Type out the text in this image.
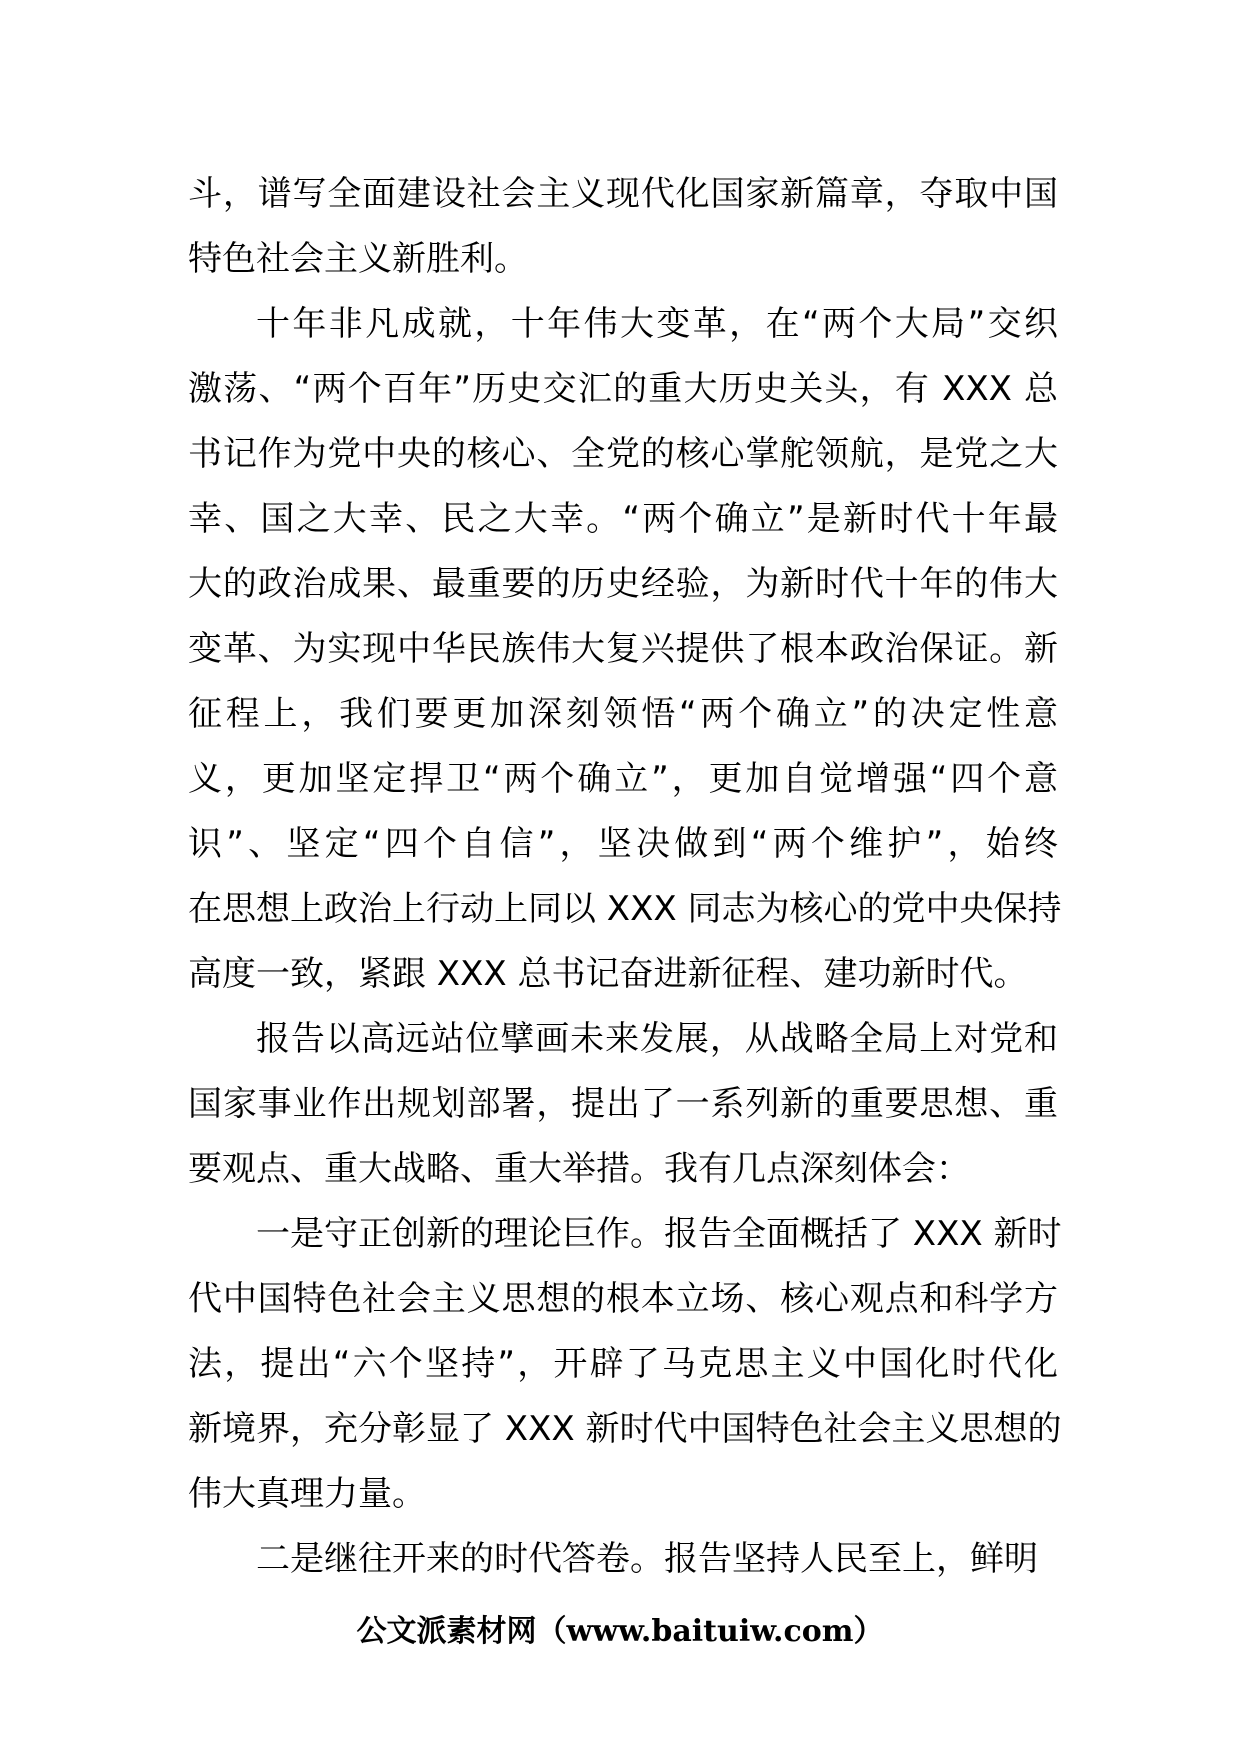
斗，谱写全面建设社会主义现代化国家新篇章，夺取中国
特色社会主义新胜利。
十年非凡成就，十年伟大变革，在“两个大局”交织
激荡、“两个百年”历史交汇的重大历史关头，有 XXX 总
书记作为党中央的核心、全党的核心掌舵领航，是党之大
幸、国之大幸、民之大幸。“两个确立”是新时代十年最
大的政治成果、最重要的历史经验，为新时代十年的伟大
变革、为实现中华民族伟大复兴提供了根本政治保证。新
征程上，我们要更加深刻领悟“两个确立”的决定性意
义，更加坚定捍卫“两个确立”，更加自觉增强“四个意
识”、坚定“四个自信”，坚决做到“两个维护”，始终
在思想上政治上行动上同以 XXX 同志为核心的党中央保持
高度一致，紧跟 XXX 总书记奋进新征程、建功新时代。
报告以高远站位擘画未来发展，从战略全局上对党和
国家事业作出规划部署，提出了一系列新的重要思想、重
要观点、重大战略、重大举措。我有几点深刻体会：
一是守正创新的理论巨作。报告全面概括了 XXX 新时
代中国特色社会主义思想的根本立场、核心观点和科学方
法，提出“六个坚持”，开辟了马克思主义中国化时代化
新境界，充分彰显了 XXX 新时代中国特色社会主义思想的
伟大真理力量。
二是继往开来的时代答卷。报告坚持人民至上，鲜明
公文派素材网（www.baituiw.com）
